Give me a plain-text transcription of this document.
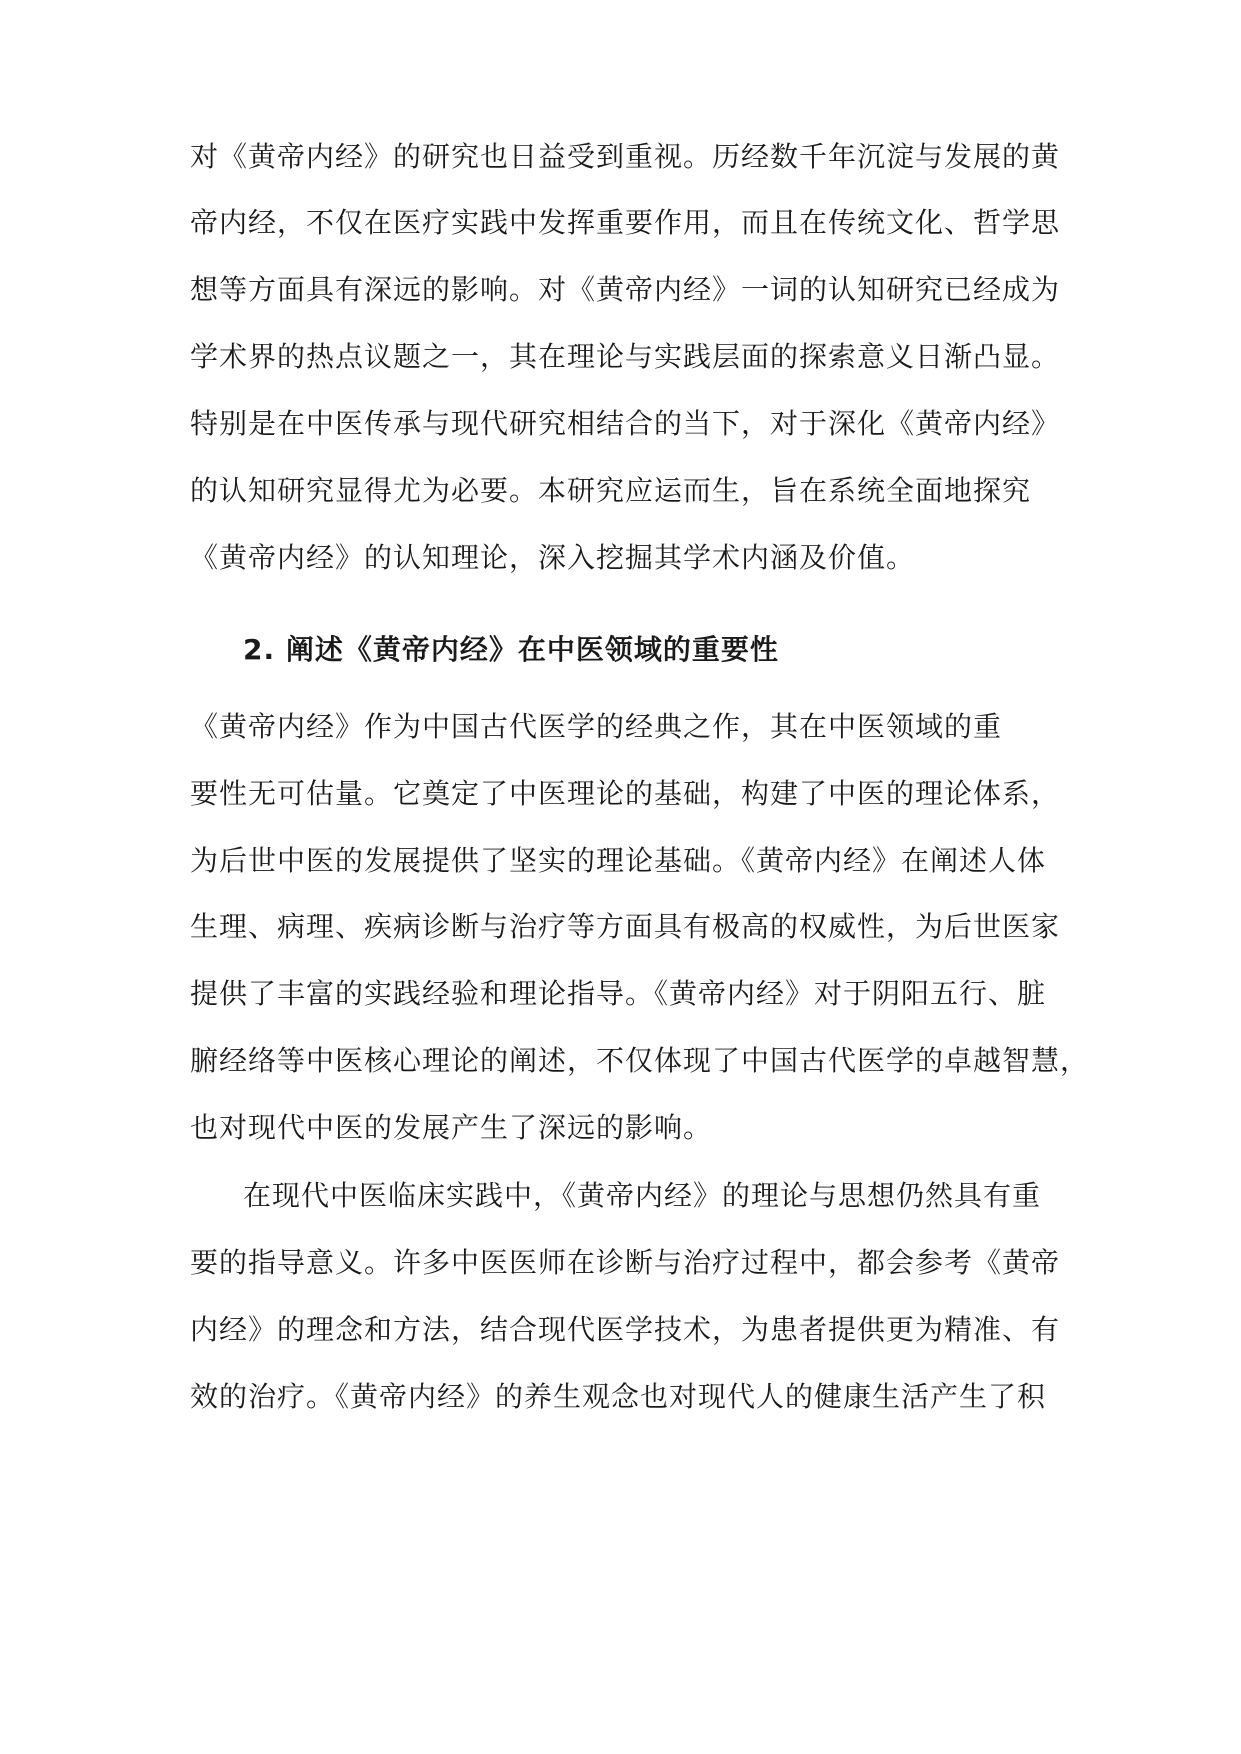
对《黄帝内经》的研究也日益受到重视。历经数千年沉淀与发展的黄
帝内经，不仅在医疗实践中发挥重要作用，而且在传统文化、哲学思
想等方面具有深远的影响。对《黄帝内经》一词的认知研究已经成为
学术界的热点议题之一，其在理论与实践层面的探索意义日渐凸显。
特别是在中医传承与现代研究相结合的当下，对于深化《黄帝内经》
的认知研究显得尤为必要。本研究应运而生，旨在系统全面地探究
《黄帝内经》的认知理论，深入挖掘其学术内涵及价值。
2. 阐述《黄帝内经》在中医领域的重要性
《黄帝内经》作为中国古代医学的经典之作，其在中医领域的重
要性无可估量。它奠定了中医理论的基础，构建了中医的理论体系，
为后世中医的发展提供了坚实的理论基础。《黄帝内经》在阐述人体
生理、病理、疾病诊断与治疗等方面具有极高的权威性，为后世医家
提供了丰富的实践经验和理论指导。《黄帝内经》对于阴阳五行、脏
腑经络等中医核心理论的阐述，不仅体现了中国古代医学的卓越智慧，
也对现代中医的发展产生了深远的影响。
在现代中医临床实践中，《黄帝内经》的理论与思想仍然具有重
要的指导意义。许多中医医师在诊断与治疗过程中，都会参考《黄帝
内经》的理念和方法，结合现代医学技术，为患者提供更为精准、有
效的治疗。《黄帝内经》的养生观念也对现代人的健康生活产生了积
